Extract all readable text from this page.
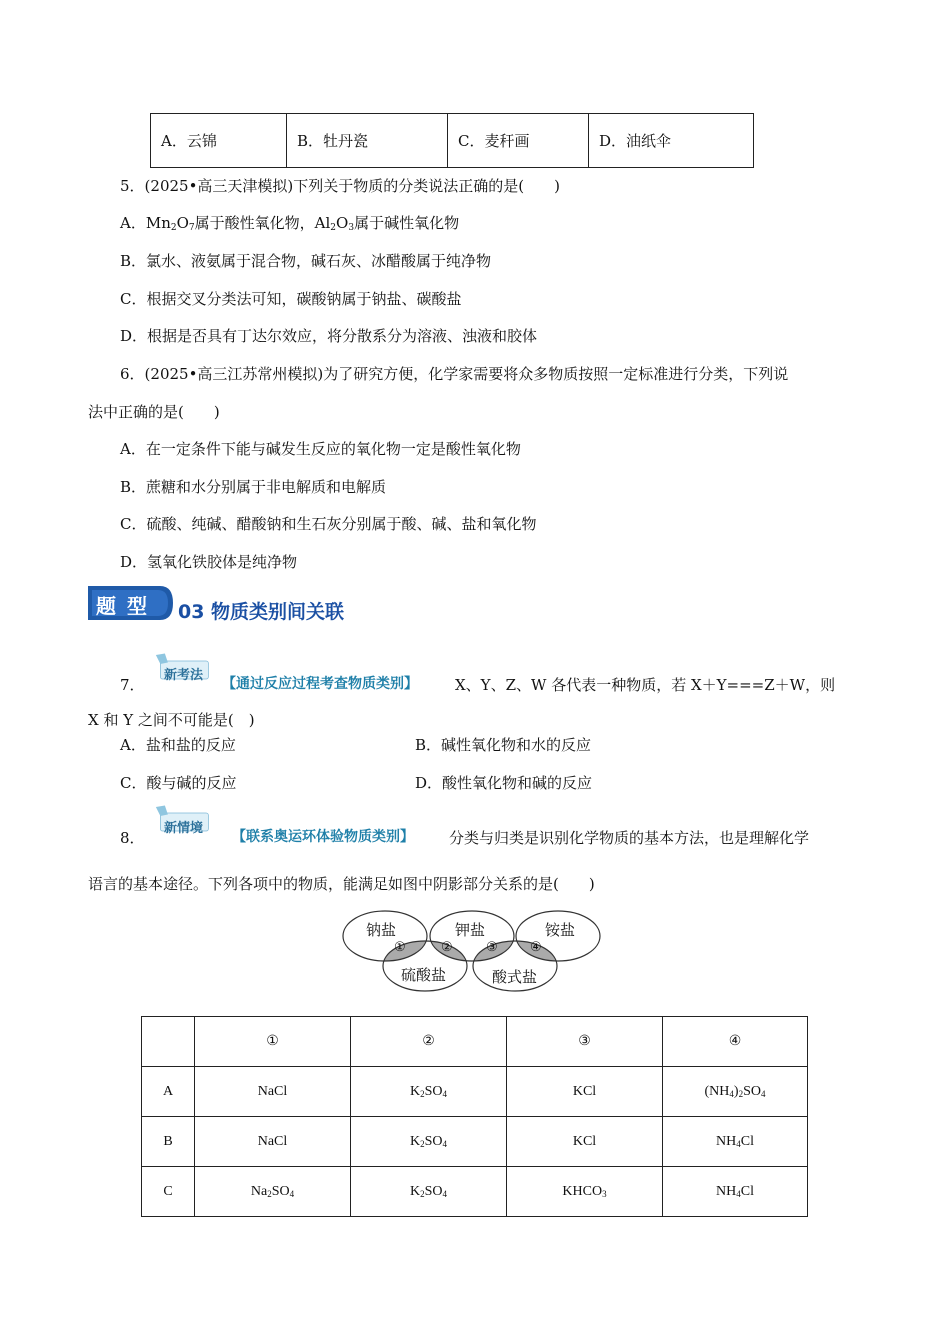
A．云锦	B．牡丹瓷	C．麦秆画	D．油纸伞
5．(2025•高三天津模拟)下列关于物质的分类说法正确的是(　　)
A．$Mn_2O_7$属于酸性氧化物，$Al_2O_3$属于碱性氧化物
B．氯水、液氨属于混合物，碱石灰、冰醋酸属于纯净物
C．根据交叉分类法可知，碳酸钠属于钠盐、碳酸盐
D．根据是否具有丁达尔效应，将分散系分为溶液、浊液和胶体
6．(2025•高三江苏常州模拟)为了研究方便，化学家需要将众多物质按照一定标准进行分类，下列说
法中正确的是(　　)
A．在一定条件下能与碱发生反应的氧化物一定是酸性氧化物
B．蔗糖和水分别属于非电解质和电解质
C．硫酸、纯碱、醋酸钠和生石灰分别属于酸、碱、盐和氧化物
D．氢氧化铁胶体是纯净物
题 型 03 物质类别间关联
7．
新考法
【通过反应过程考查物质类别】 X、Y、Z、W 各代表一种物质，若 X＋Y===Z＋W，则
X 和 Y 之间不可能是(　)
A．盐和盐的反应	B．碱性氧化物和水的反应
C．酸与碱的反应	D．酸性氧化物和碱的反应
8．
新情境
【联系奥运环体验物质类别】 分类与归类是识别化学物质的基本方法，也是理解化学
语言的基本途径。下列各项中的物质，能满足如图中阴影部分关系的是(　　)
钠盐	钾盐	铵盐
硫酸盐	酸式盐
①	②	③ ④
	①	②	③	④
A	NaCl	$K_2SO_4$	KCl	$(NH_4)_2SO_4$
B	NaCl	$K_2SO_4$	KCl	$NH_4Cl$
C	$Na_2SO_4$	$K_2SO_4$	$KHCO_3$	$NH_4Cl$
